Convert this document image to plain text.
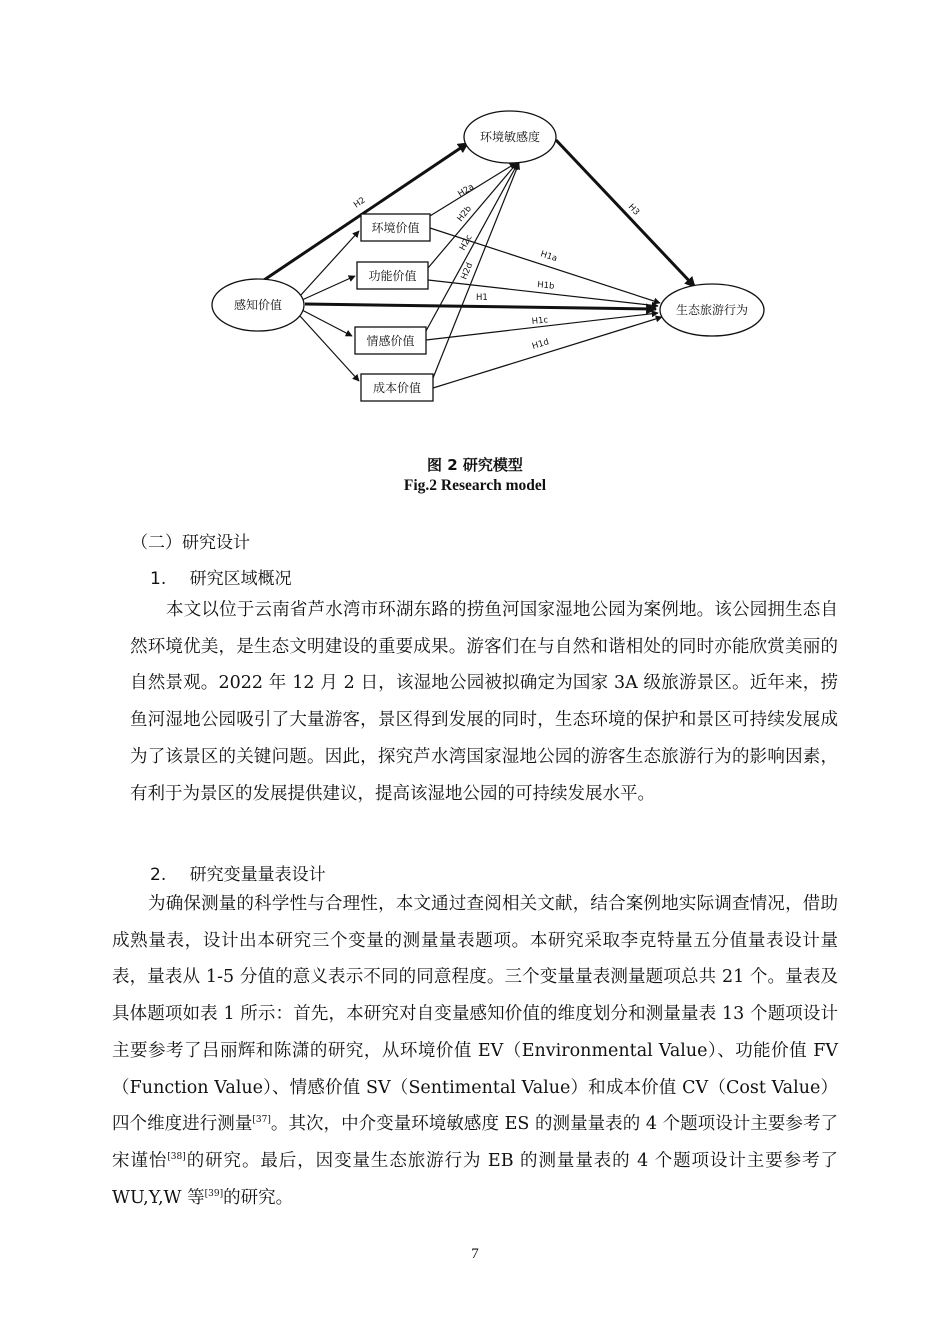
感知价值
环境敏感度
生态旅游行为
环境价值
功能价值
情感价值
成本价值
H2	H3
H1
H2a
H2b
H2c
H2d
H1a
H1b
H1c
H1d
图 2 研究模型
Fig.2 Research model
（二）研究设计
1. 研究区域概况

本文以位于云南省芦水湾市环湖东路的捞鱼河国家湿地公园为案例地。该公园拥生态自然环境优美，是生态文明建设的重要成果。游客们在与自然和谐相处的同时亦能欣赏美丽的自然景观。2022 年 12 月 2 日，该湿地公园被拟确定为国家 3A 级旅游景区。近年来，捞鱼河湿地公园吸引了大量游客，景区得到发展的同时，生态环境的保护和景区可持续发展成为了该景区的关键问题。因此，探究芦水湾国家湿地公园的游客生态旅游行为的影响因素，有利于为景区的发展提供建议，提高该湿地公园的可持续发展水平。

2. 研究变量量表设计

为确保测量的科学性与合理性，本文通过查阅相关文献，结合案例地实际调查情况，借助成熟量表，设计出本研究三个变量的测量量表题项。本研究采取李克特量五分值量表设计量表，量表从 1-5 分值的意义表示不同的同意程度。三个变量量表测量题项总共 21 个。量表及具体题项如表 1 所示：首先，本研究对自变量感知价值的维度划分和测量量表 13 个题项设计主要参考了吕丽辉和陈潇的研究，从环境价值 EV（Environmental Value）、功能价值 FV（Function Value）、情感价值 SV（Sentimental Value）和成本价值 CV（Cost Value）四个维度进行测量[37]。其次，中介变量环境敏感度 ES 的测量量表的 4 个题项设计主要参考了宋谨怡[38]的研究。最后，因变量生态旅游行为 EB 的测量量表的 4 个题项设计主要参考了 WU,Y,W 等[39]的研究。

7
